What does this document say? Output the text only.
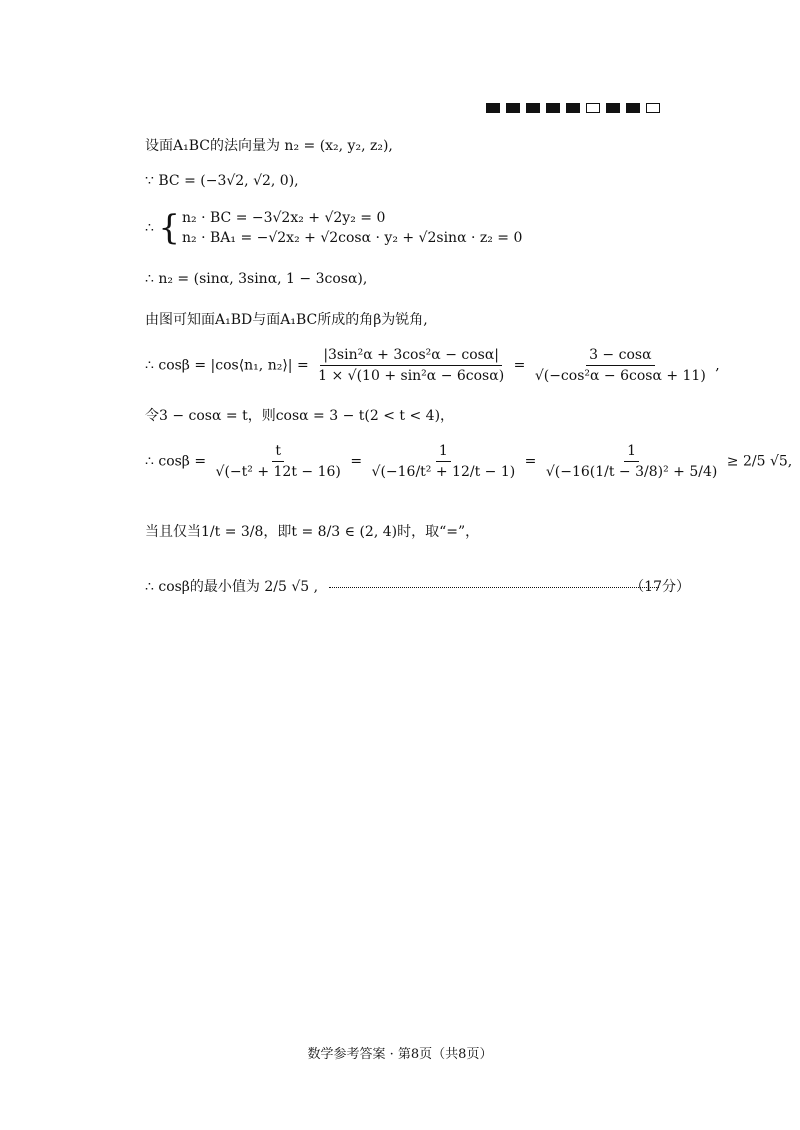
设面A₁BC的法向量为 n₂ = (x₂, y₂, z₂),
∵ BC = (−3√2, √2, 0),
∴ { n₂ · BC = −3√2x₂ + √2y₂ = 0
n₂ · BA₁ = −√2x₂ + √2cosα · y₂ + √2sinα · z₂ = 0
∴ n₂ = (sinα, 3sinα, 1 − 3cosα),
由图可知面A₁BD与面A₁BC所成的角β为锐角,
∴ cosβ = |cos⟨n₁, n₂⟩| = $\frac{\text{|3sin²α + 3cos²α − cosα|}}{\text{1 × √(10 + sin²α − 6cosα)}} = \frac{3 - \cos\alpha}{\text{√(−cos²α − 6cosα + 11)}}$ ,
令3 − cosα = t，则cosα = 3 − t(2 < t < 4)，
∴ $\cos\beta = \frac{t}{\text{√(−t² + 12t − 16)}} = \frac{1}{\text{√(−16/t² + 12/t − 1)}} = \frac{1}{\text{√(−16(1/t − 3/8)² + 5/4)}} \ge 2/5$ √5,
当且仅当1/t = 3/8，即t = 8/3 ∈ (2, 4)时，取“=”，
∴ cosβ的最小值为 2/5 √5 ,	（17分）
数学参考答案 · 第8页（共8页）
